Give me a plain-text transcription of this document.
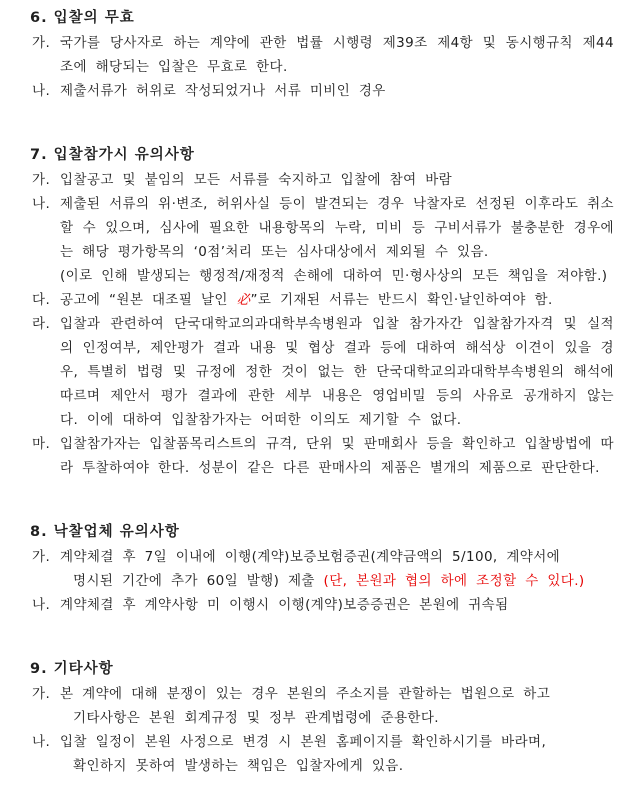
6. 입찰의 무효
가. 국가를 당사자로 하는 계약에 관한 법률 시행령 제39조 제4항 및 동시행규칙 제44조에 해당되는 입찰은 무효로 한다.
나. 제출서류가 허위로 작성되었거나 서류 미비인 경우
7. 입찰참가시 유의사항
가. 입찰공고 및 붙임의 모든 서류를 숙지하고 입찰에 참여 바람
나. 제출된 서류의 위·변조, 허위사실 등이 발견되는 경우 낙찰자로 선정된 이후라도 취소할 수 있으며, 심사에 필요한 내용항목의 누락, 미비 등 구비서류가 불충분한 경우에는 해당 평가항목의 ‘0점’처리 또는 심사대상에서 제외될 수 있음.
(이로 인해 발생되는 행정적/재정적 손해에 대하여 민·형사상의 모든 책임을 져야함.)
다. 공고에 “원본 대조필 날인 必”로 기재된 서류는 반드시 확인·날인하여야 함.
라. 입찰과 관련하여 단국대학교의과대학부속병원과 입찰 참가자간 입찰참가자격 및 실적의 인정여부, 제안평가 결과 내용 및 협상 결과 등에 대하여 해석상 이견이 있을 경우, 특별히 법령 및 규정에 정한 것이 없는 한 단국대학교의과대학부속병원의 해석에 따르며 제안서 평가 결과에 관한 세부 내용은 영업비밀 등의 사유로 공개하지 않는다. 이에 대하여 입찰참가자는 어떠한 이의도 제기할 수 없다.
마. 입찰참가자는 입찰품목리스트의 규격, 단위 및 판매회사 등을 확인하고 입찰방법에 따라 투찰하여야 한다. 성분이 같은 다른 판매사의 제품은 별개의 제품으로 판단한다.
8. 낙찰업체 유의사항
가. 계약체결 후 7일 이내에 이행(계약)보증보험증권(계약금액의 5/100, 계약서에
명시된 기간에 추가 60일 발행) 제출 (단, 본원과 협의 하에 조정할 수 있다.)
나. 계약체결 후 계약사항 미 이행시 이행(계약)보증증권은 본원에 귀속됨
9. 기타사항
가. 본 계약에 대해 분쟁이 있는 경우 본원의 주소지를 관할하는 법원으로 하고
기타사항은 본원 회계규정 및 정부 관계법령에 준용한다.
나. 입찰 일정이 본원 사정으로 변경 시 본원 홈페이지를 확인하시기를 바라며,
확인하지 못하여 발생하는 책임은 입찰자에게 있음.
